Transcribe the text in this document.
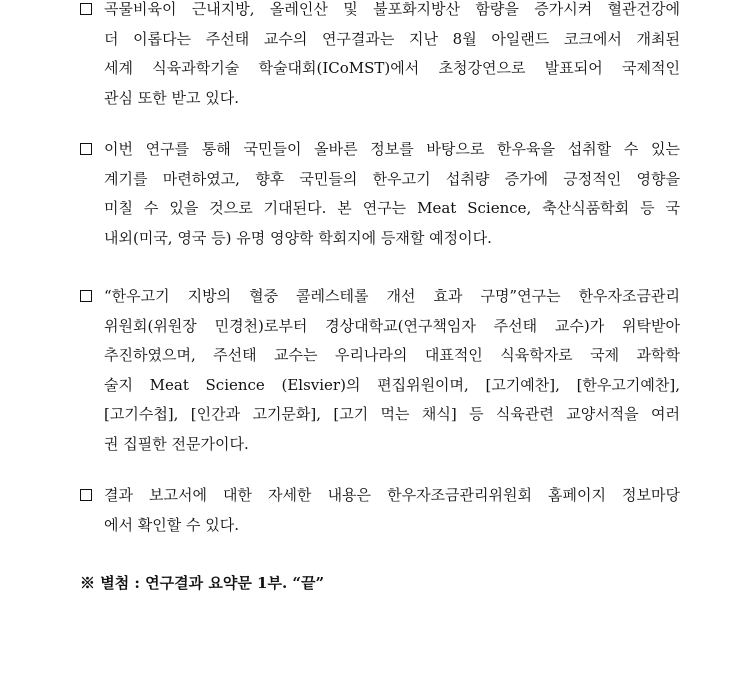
곡물비육이 근내지방, 올레인산 및 불포화지방산 함량을 증가시켜 혈관건강에
더 이롭다는 주선태 교수의 연구결과는 지난 8월 아일랜드 코크에서 개최된
세계 식육과학기술 학술대회(ICoMST)에서 초청강연으로 발표되어 국제적인
관심 또한 받고 있다.
이번 연구를 통해 국민들이 올바른 정보를 바탕으로 한우육을 섭취할 수 있는
계기를 마련하였고, 향후 국민들의 한우고기 섭취량 증가에 긍정적인 영향을
미칠 수 있을 것으로 기대된다. 본 연구는 Meat Science, 축산식품학회 등 국
내외(미국, 영국 등) 유명 영양학 학회지에 등재할 예정이다.
“한우고기 지방의 혈중 콜레스테롤 개선 효과 구명”연구는 한우자조금관리
위원회(위원장 민경천)로부터 경상대학교(연구책임자 주선태 교수)가 위탁받아
추진하였으며, 주선태 교수는 우리나라의 대표적인 식육학자로 국제 과학학
술지 Meat Science (Elsvier)의 편집위원이며, [고기예찬], [한우고기예찬],
[고기수첩], [인간과 고기문화], [고기 먹는 채식] 등 식육관련 교양서적을 여러
권 집필한 전문가이다.
결과 보고서에 대한 자세한 내용은 한우자조금관리위원회 홈페이지 정보마당
에서 확인할 수 있다.
※ 별첨 : 연구결과 요약문 1부. “끝”
